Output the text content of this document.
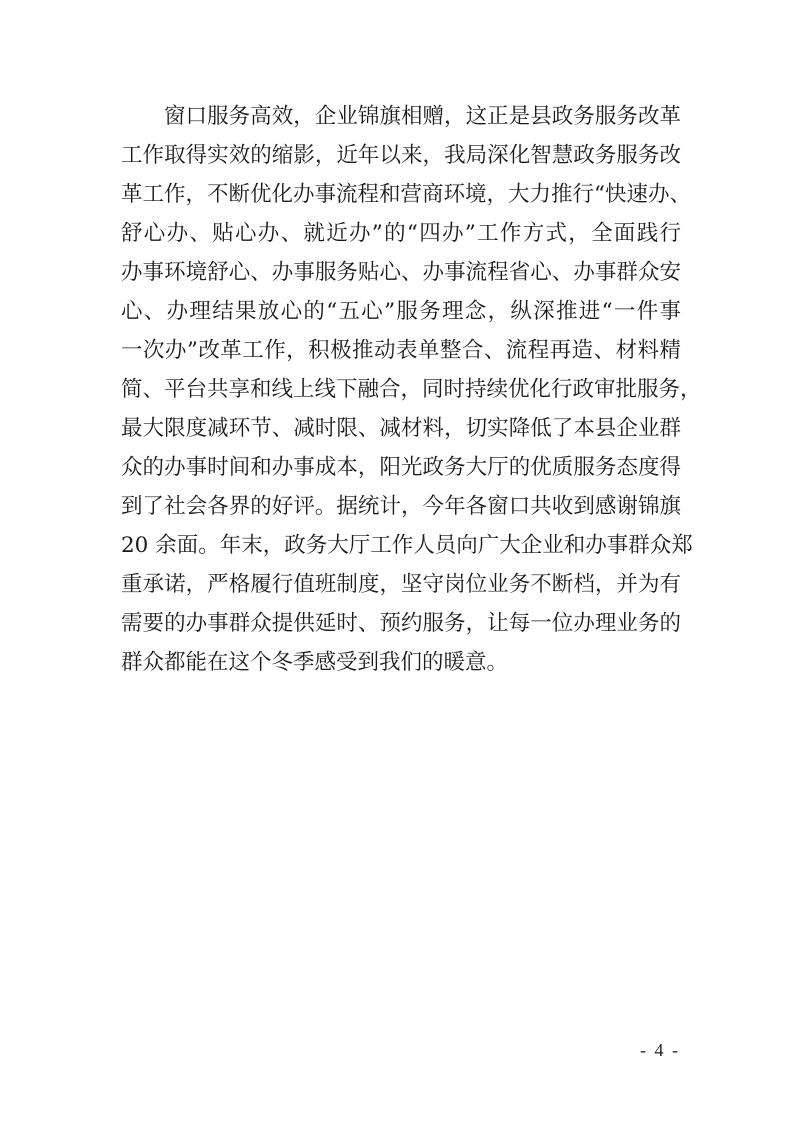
窗口服务高效，企业锦旗相赠，这正是县政务服务改革
工作取得实效的缩影，近年以来，我局深化智慧政务服务改
革工作，不断优化办事流程和营商环境，大力推行“快速办、
舒心办、贴心办、就近办”的“四办”工作方式，全面践行
办事环境舒心、办事服务贴心、办事流程省心、办事群众安
心、办理结果放心的“五心”服务理念，纵深推进“一件事
一次办”改革工作，积极推动表单整合、流程再造、材料精
简、平台共享和线上线下融合，同时持续优化行政审批服务，
最大限度减环节、减时限、减材料，切实降低了本县企业群
众的办事时间和办事成本，阳光政务大厅的优质服务态度得
到了社会各界的好评。据统计，今年各窗口共收到感谢锦旗
20 余面。年末，政务大厅工作人员向广大企业和办事群众郑
重承诺，严格履行值班制度，坚守岗位业务不断档，并为有
需要的办事群众提供延时、预约服务，让每一位办理业务的
群众都能在这个冬季感受到我们的暖意。
- 4 -
